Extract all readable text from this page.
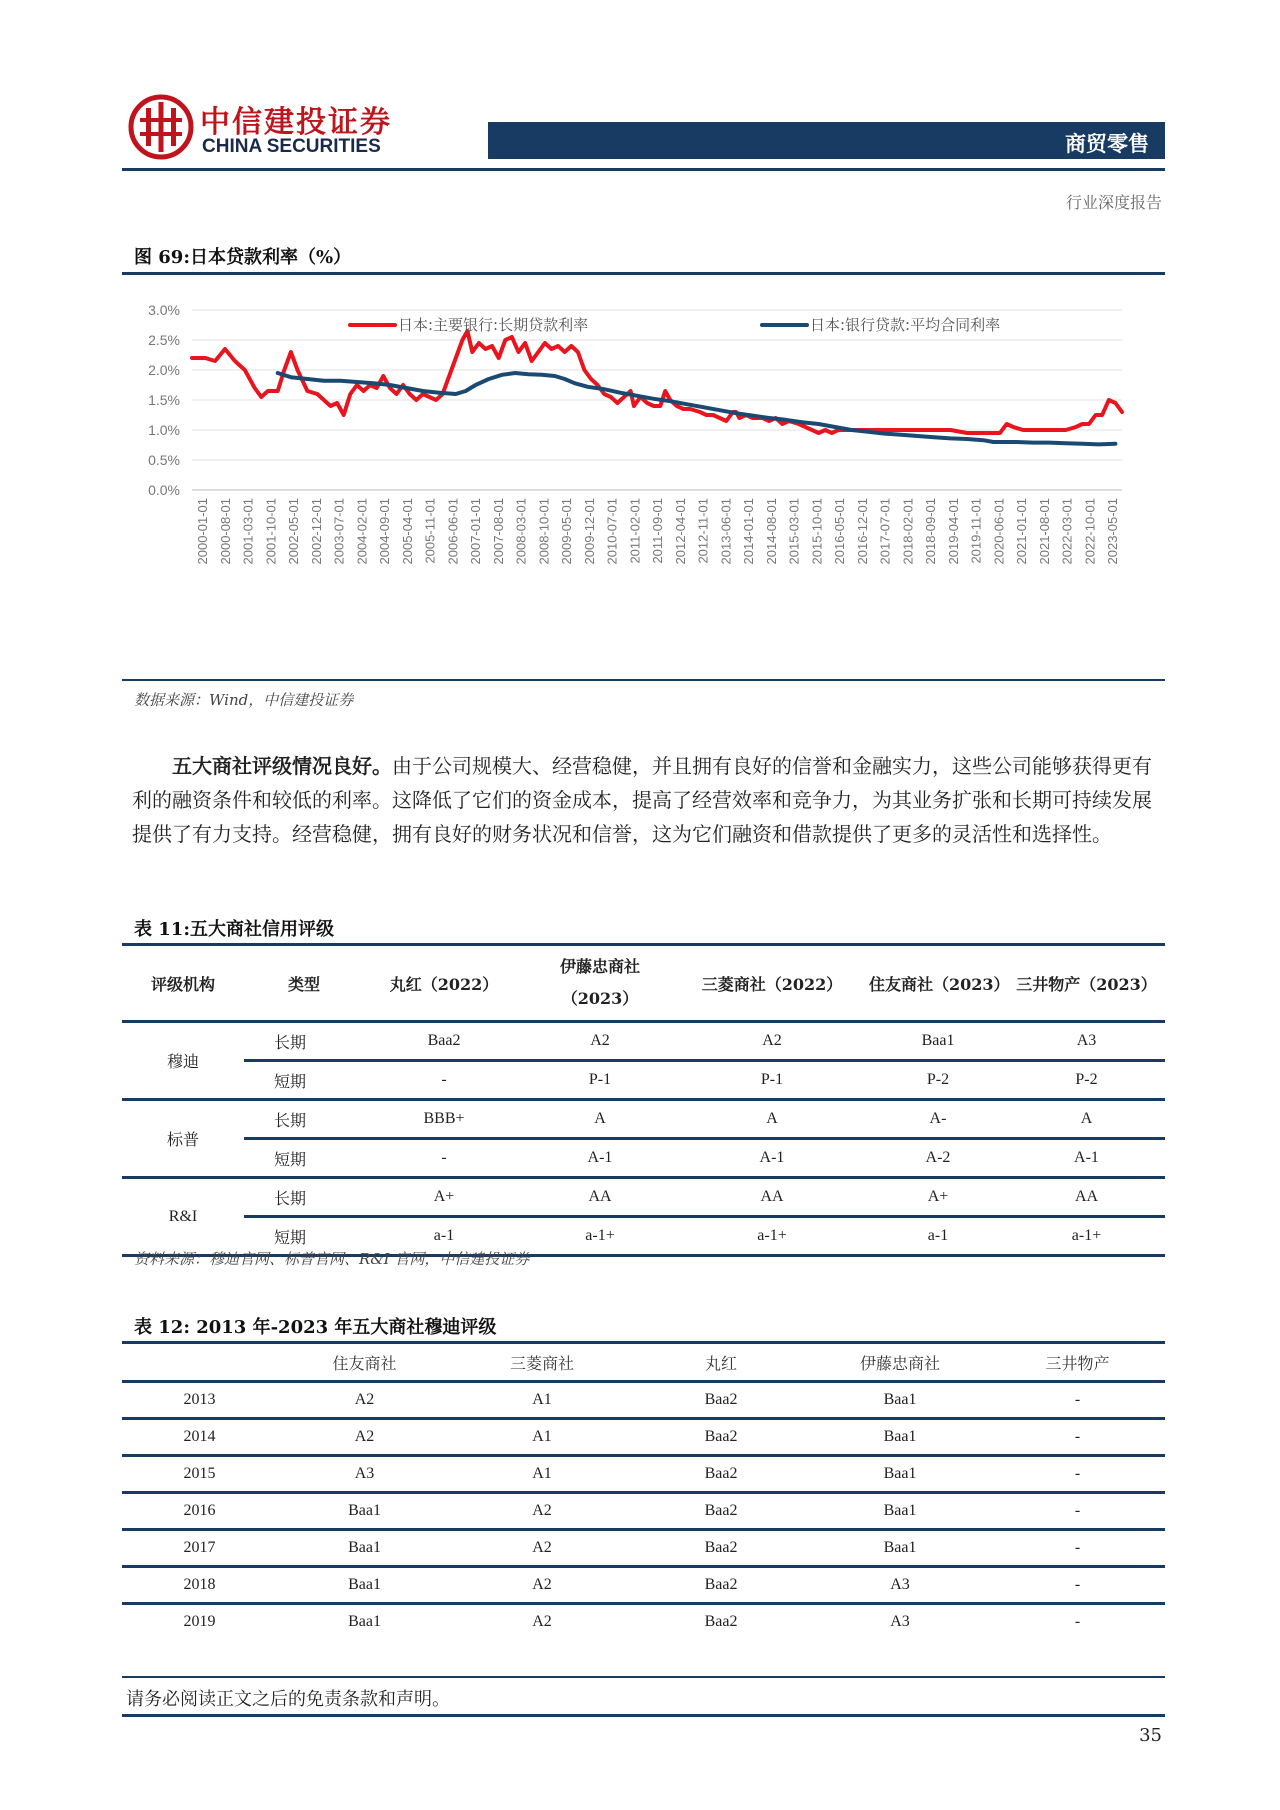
中信建投证券
CHINA SECURITIES	商贸零售
行业深度报告
图 69:日本贷款利率（%）
0.0%
0.5%
1.0%
1.5%
2.0%
2.5%
3.0%
2000-01-01 2000-08-01 2001-03-01 2001-10-01 2002-05-01 2002-12-01 2003-07-01 2004-02-01 2004-09-01 2005-04-01 2005-11-01 2006-06-01 2007-01-01 2007-08-01 2008-03-01 2008-10-01 2009-05-01 2009-12-01 2010-07-01 2011-02-01 2011-09-01 2012-04-01 2012-11-01 2013-06-01 2014-01-01 2014-08-01 2015-03-01 2015-10-01 2016-05-01 2016-12-01 2017-07-01 2018-02-01 2018-09-01 2019-04-01 2019-11-01 2020-06-01 2021-01-01 2021-08-01 2022-03-01 2022-10-01 2023-05-01
日本:主要银行:长期贷款利率	日本:银行贷款:平均合同利率
数据来源：Wind，中信建投证券

五大商社评级情况良好。由于公司规模大、经营稳健，并且拥有良好的信誉和金融实力，这些公司能够获得更有利的融资条件和较低的利率。这降低了它们的资金成本，提高了经营效率和竞争力，为其业务扩张和长期可持续发展提供了有力支持。经营稳健，拥有良好的财务状况和信誉，这为它们融资和借款提供了更多的灵活性和选择性。

表 11:五大商社信用评级
评级机构	类型	丸红（2022）	伊藤忠商社（2023）	三菱商社（2022）	住友商社（2023）	三井物产（2023）
穆迪	长期	Baa2	A2	A2	Baa1	A3
	短期	-	P-1	P-1	P-2	P-2
标普	长期	BBB+	A	A	A-	A
	短期	-	A-1	A-1	A-2	A-1
R&I	长期	A+	AA	AA	A+	AA
	短期	a-1	a-1+	a-1+	a-1	a-1+
资料来源：穆迪官网、标普官网、R&I 官网，中信建投证券
表 12: 2013 年-2023 年五大商社穆迪评级
	住友商社	三菱商社	丸红	伊藤忠商社	三井物产
2013	A2	A1	Baa2	Baa1	-
2014	A2	A1	Baa2	Baa1	-
2015	A3	A1	Baa2	Baa1	-
2016	Baa1	A2	Baa2	Baa1	-
2017	Baa1	A2	Baa2	Baa1	-
2018	Baa1	A2	Baa2	A3	-
2019	Baa1	A2	Baa2	A3	-
请务必阅读正文之后的免责条款和声明。
35
